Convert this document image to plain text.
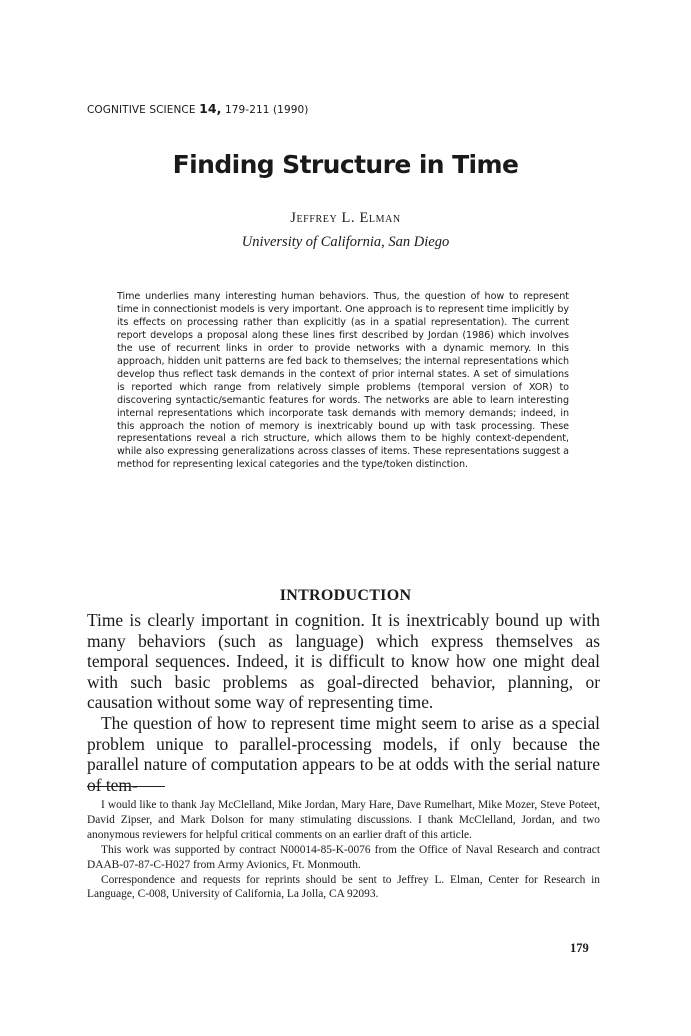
COGNITIVE SCIENCE 14, 179-211 (1990)
Finding Structure in Time
Jeffrey L. Elman
University of California, San Diego
Time underlies many interesting human behaviors. Thus, the question of how to represent time in connectionist models is very important. One approach is to represent time implicitly by its effects on processing rather than explicitly (as in a spatial representation). The current report develops a proposal along these lines first described by Jordan (1986) which involves the use of recurrent links in order to provide networks with a dynamic memory. In this approach, hidden unit patterns are fed back to themselves; the internal representations which develop thus reflect task demands in the context of prior internal states. A set of simulations is reported which range from relatively simple problems (temporal version of XOR) to discovering syntactic/semantic features for words. The networks are able to learn interesting internal representations which incorporate task demands with memory demands; indeed, in this approach the notion of memory is inextricably bound up with task processing. These representations reveal a rich structure, which allows them to be highly context-dependent, while also expressing generalizations across classes of items. These representations suggest a method for representing lexical categories and the type/token distinction.
INTRODUCTION

Time is clearly important in cognition. It is inextricably bound up with many behaviors (such as language) which express themselves as temporal sequences. Indeed, it is difficult to know how one might deal with such basic problems as goal-directed behavior, planning, or causation without some way of representing time.

The question of how to represent time might seem to arise as a special problem unique to parallel-processing models, if only because the parallel nature of computation appears to be at odds with the serial nature of tem-

I would like to thank Jay McClelland, Mike Jordan, Mary Hare, Dave Rumelhart, Mike Mozer, Steve Poteet, David Zipser, and Mark Dolson for many stimulating discussions. I thank McClelland, Jordan, and two anonymous reviewers for helpful critical comments on an earlier draft of this article.

This work was supported by contract N00014-85-K-0076 from the Office of Naval Research and contract DAAB-07-87-C-H027 from Army Avionics, Ft. Monmouth.

Correspondence and requests for reprints should be sent to Jeffrey L. Elman, Center for Research in Language, C-008, University of California, La Jolla, CA 92093.

179
